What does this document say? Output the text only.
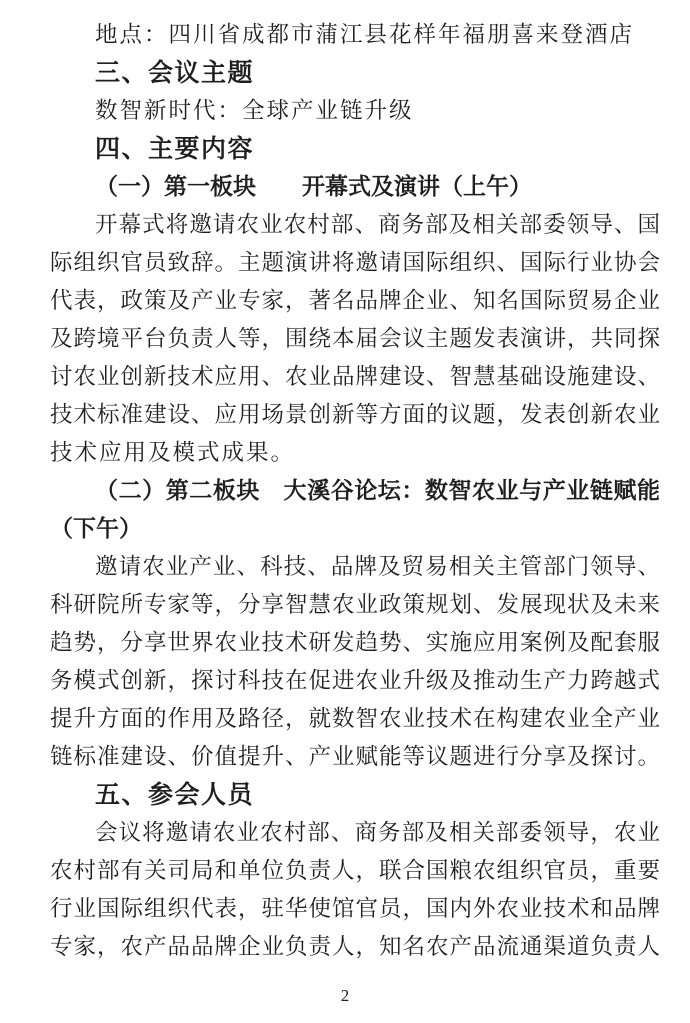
地点：四川省成都市蒲江县花样年福朋喜来登酒店
三、会议主题
数智新时代：全球产业链升级
四、主要内容
（一）第一板块　　开幕式及演讲（上午）
开幕式将邀请农业农村部、商务部及相关部委领导、国
际组织官员致辞。主题演讲将邀请国际组织、国际行业协会
代表，政策及产业专家，著名品牌企业、知名国际贸易企业
及跨境平台负责人等，围绕本届会议主题发表演讲，共同探
讨农业创新技术应用、农业品牌建设、智慧基础设施建设、
技术标准建设、应用场景创新等方面的议题，发表创新农业
技术应用及模式成果。
（二）第二板块　大溪谷论坛：数智农业与产业链赋能
（下午）
邀请农业产业、科技、品牌及贸易相关主管部门领导、
科研院所专家等，分享智慧农业政策规划、发展现状及未来
趋势，分享世界农业技术研发趋势、实施应用案例及配套服
务模式创新，探讨科技在促进农业升级及推动生产力跨越式
提升方面的作用及路径，就数智农业技术在构建农业全产业
链标准建设、价值提升、产业赋能等议题进行分享及探讨。
五、参会人员
会议将邀请农业农村部、商务部及相关部委领导，农业
农村部有关司局和单位负责人，联合国粮农组织官员，重要
行业国际组织代表，驻华使馆官员，国内外农业技术和品牌
专家，农产品品牌企业负责人，知名农产品流通渠道负责人
2
